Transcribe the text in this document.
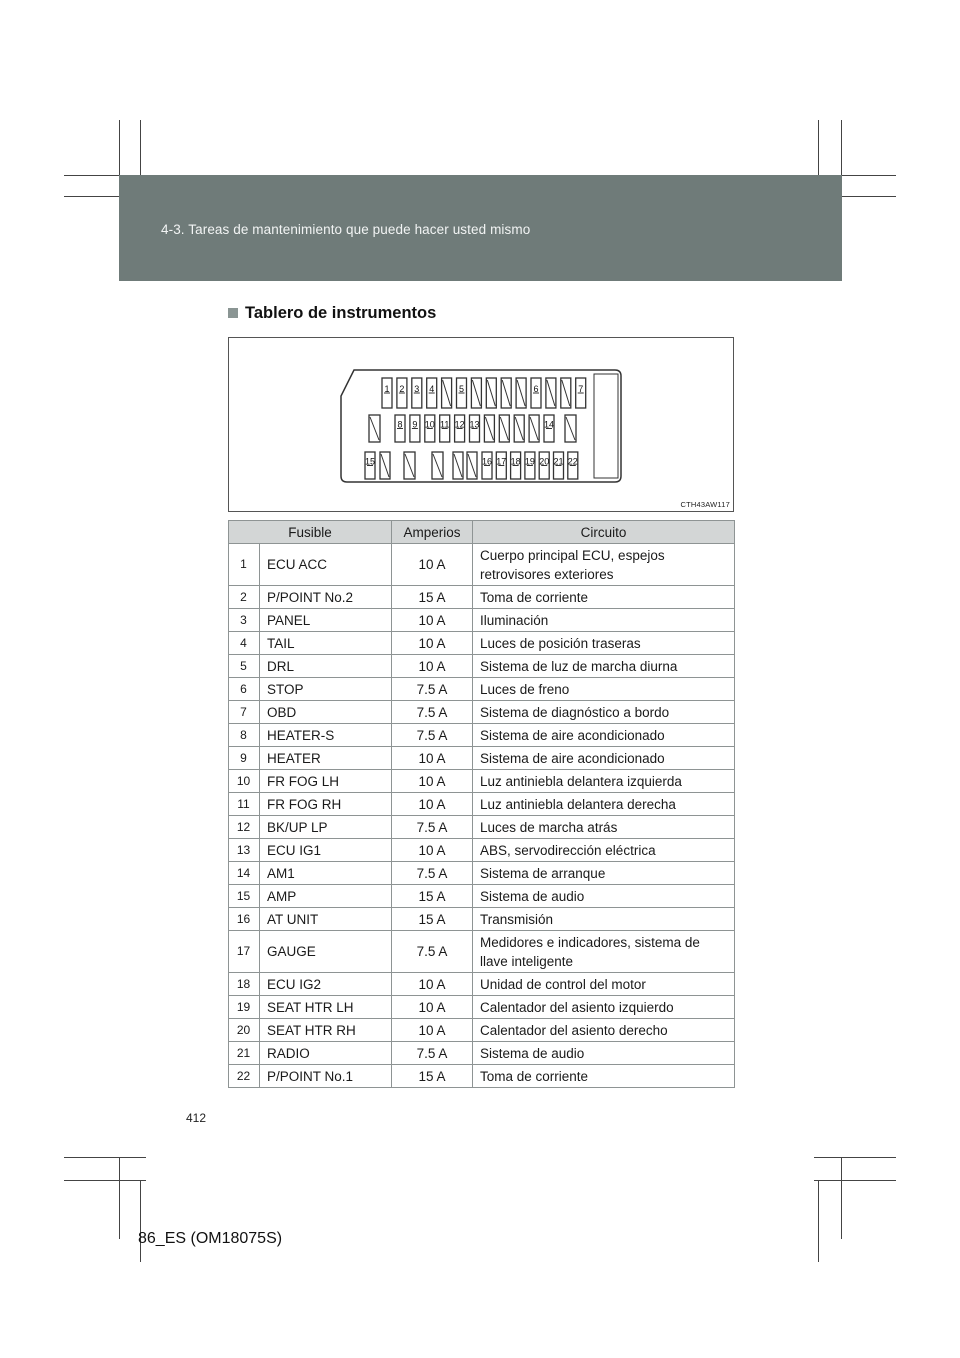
4-3. Tareas de mantenimiento que puede hacer usted mismo
Tablero de instrumentos
1 2 3 4	5	6	7
8 9 10 11 12 13	14
15	16 17 18 19 20 21 22
CTH43AW117
Fusible		Amperios	Circuito
1	ECU ACC	10 A	Cuerpo principal ECU, espejos retrovisores exteriores
2	P/POINT No.2	15 A	Toma de corriente
3	PANEL	10 A	Iluminación
4	TAIL	10 A	Luces de posición traseras
5	DRL	10 A	Sistema de luz de marcha diurna
6	STOP	7.5 A	Luces de freno
7	OBD	7.5 A	Sistema de diagnóstico a bordo
8	HEATER-S	7.5 A	Sistema de aire acondicionado
9	HEATER	10 A	Sistema de aire acondicionado
10	FR FOG LH	10 A	Luz antiniebla delantera izquierda
11	FR FOG RH	10 A	Luz antiniebla delantera derecha
12	BK/UP LP	7.5 A	Luces de marcha atrás
13	ECU IG1	10 A	ABS, servodirección eléctrica
14	AM1	7.5 A	Sistema de arranque
15	AMP	15 A	Sistema de audio
16	AT UNIT	15 A	Transmisión
17	GAUGE	7.5 A	Medidores e indicadores, sistema de llave inteligente
18	ECU IG2	10 A	Unidad de control del motor
19	SEAT HTR LH	10 A	Calentador del asiento izquierdo
20	SEAT HTR RH	10 A	Calentador del asiento derecho
21	RADIO	7.5 A	Sistema de audio
22	P/POINT No.1	15 A	Toma de corriente
412
86_ES (OM18075S)
